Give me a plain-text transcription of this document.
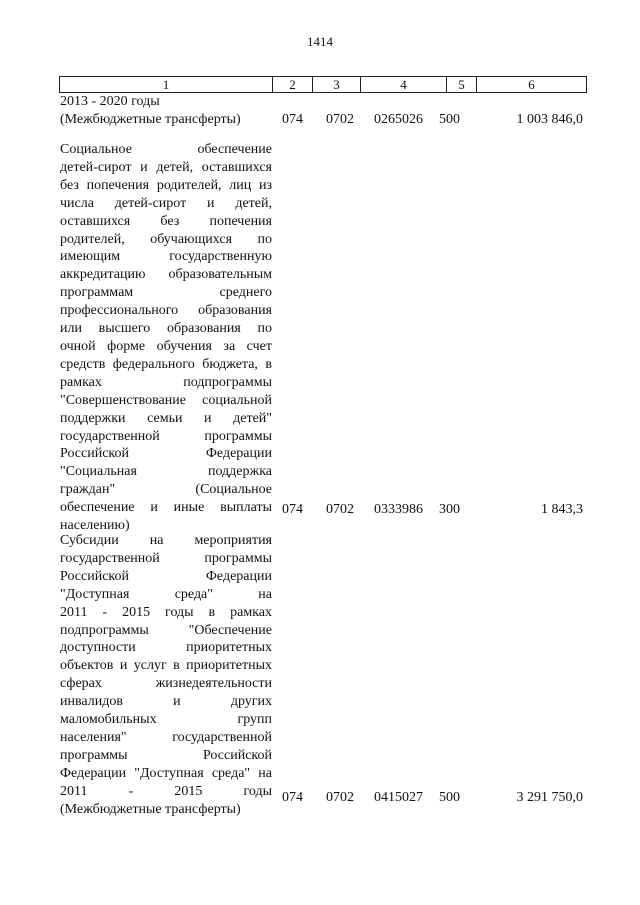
1414
1	2	3	4	5	6
2013 - 2020 годы
(Межбюджетные трансферты)	074 0702 0265026 500	1 003 846,0
Социальное обеспечение
детей-сирот и детей, оставшихся
без попечения родителей, лиц из
числа детей-сирот и детей,
оставшихся без попечения
родителей, обучающихся по
имеющим государственную
аккредитацию образовательным
программам среднего
профессионального образования
или высшего образования по
очной форме обучения за счет
средств федерального бюджета, в
рамках подпрограммы
"Совершенствование социальной
поддержки семьи и детей"
государственной программы
Российской Федерации
"Социальная поддержка
граждан" (Социальное
обеспечение и иные выплаты
населению)
074 0702 0333986 300	1 843,3
Субсидии на мероприятия
государственной программы
Российской Федерации
"Доступная среда" на
2011 - 2015 годы в рамках
подпрограммы "Обеспечение
доступности приоритетных
объектов и услуг в приоритетных
сферах жизнедеятельности
инвалидов и других
маломобильных групп
населения" государственной
программы Российской
Федерации "Доступная среда" на
2011 - 2015 годы
(Межбюджетные трансферты)
074 0702 0415027 500	3 291 750,0
